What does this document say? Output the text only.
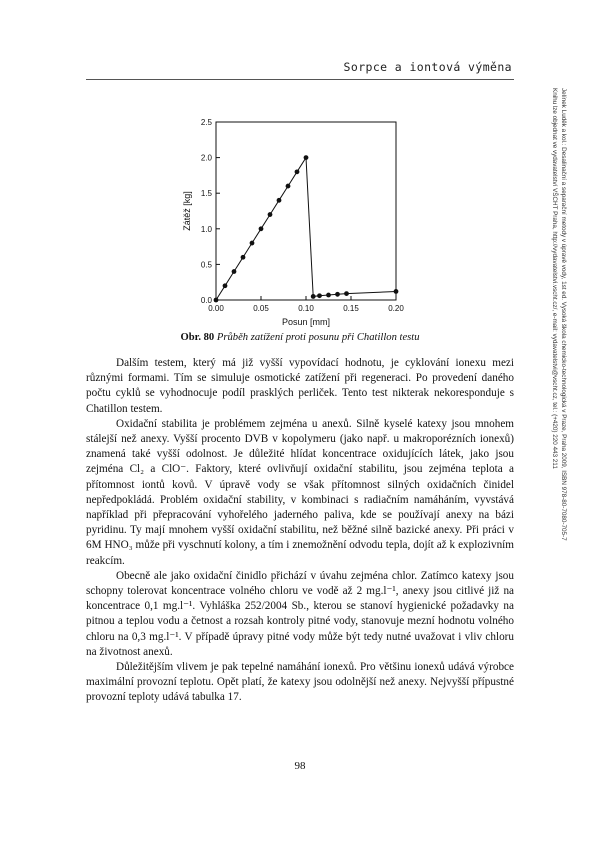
Sorpce a iontová výměna
Jelínek Luděk a kol.: Desalinační a separační metody v úpravě vody, 1st ed. Vysoká škola chemicko-technologická v Praze, Praha 2009, ISBN 978-80-7080-705-7
Knihu lze objednat ve vydavatelství VŠCHT Praha, http://vydavatelstvi.vscht.cz/, e-mail: vydavatelstvi@vscht.cz, tel.: (+420) 220 443 211
0.00	0.05	0.10	0.15	0.20
0.0
0.5
1.0
1.5
2.0
2.5
Posun [mm]
Zátěž [kg]
Obr. 80 Průběh zatížení proti posunu při Chatillon testu

Dalším testem, který má již vyšší vypovídací hodnotu, je cyklování ionexu mezi různými formami. Tím se simuluje osmotické zatížení při regeneraci. Po provedení daného počtu cyklů se vyhodnocuje podíl prasklých perliček. Tento test nikterak nekoresponduje s Chatillon testem.

Oxidační stabilita je problémem zejména u anexů. Silně kyselé katexy jsou mnohem stálejší než anexy. Vyšší procento DVB v kopolymeru (jako např. u makroporézních ionexů) znamená také vyšší odolnost. Je důležité hlídat koncentrace oxidujících látek, jako jsou zejména Cl₂ a ClO⁻. Faktory, které ovlivňují oxidační stabilitu, jsou zejména teplota a přítomnost iontů kovů. V úpravě vody se však přítomnost silných oxidačních činidel nepředpokládá. Problém oxidační stability, v kombinaci s radiačním namáháním, vyvstává například při přepracování vyhořelého jaderného paliva, kde se používají anexy na bázi pyridinu. Ty mají mnohem vyšší oxidační stabilitu, než běžné silně bazické anexy. Při práci v 6M HNO₃ může při vyschnutí kolony, a tím i znemožnění odvodu tepla, dojít až k explozivním reakcím.

Obecně ale jako oxidační činidlo přichází v úvahu zejména chlor. Zatímco katexy jsou schopny tolerovat koncentrace volného chloru ve vodě až 2 mg.l⁻¹, anexy jsou citlivé již na koncentrace 0,1 mg.l⁻¹. Vyhláška 252/2004 Sb., kterou se stanoví hygienické požadavky na pitnou a teplou vodu a četnost a rozsah kontroly pitné vody, stanovuje mezní hodnotu volného chloru na 0,3 mg.l⁻¹. V případě úpravy pitné vody může být tedy nutné uvažovat i vliv chloru na životnost anexů.

Důležitějším vlivem je pak tepelné namáhání ionexů. Pro většinu ionexů udává výrobce maximální provozní teplotu. Opět platí, že katexy jsou odolnější než anexy. Nejvyšší přípustné provozní teploty udává tabulka 17.

98
